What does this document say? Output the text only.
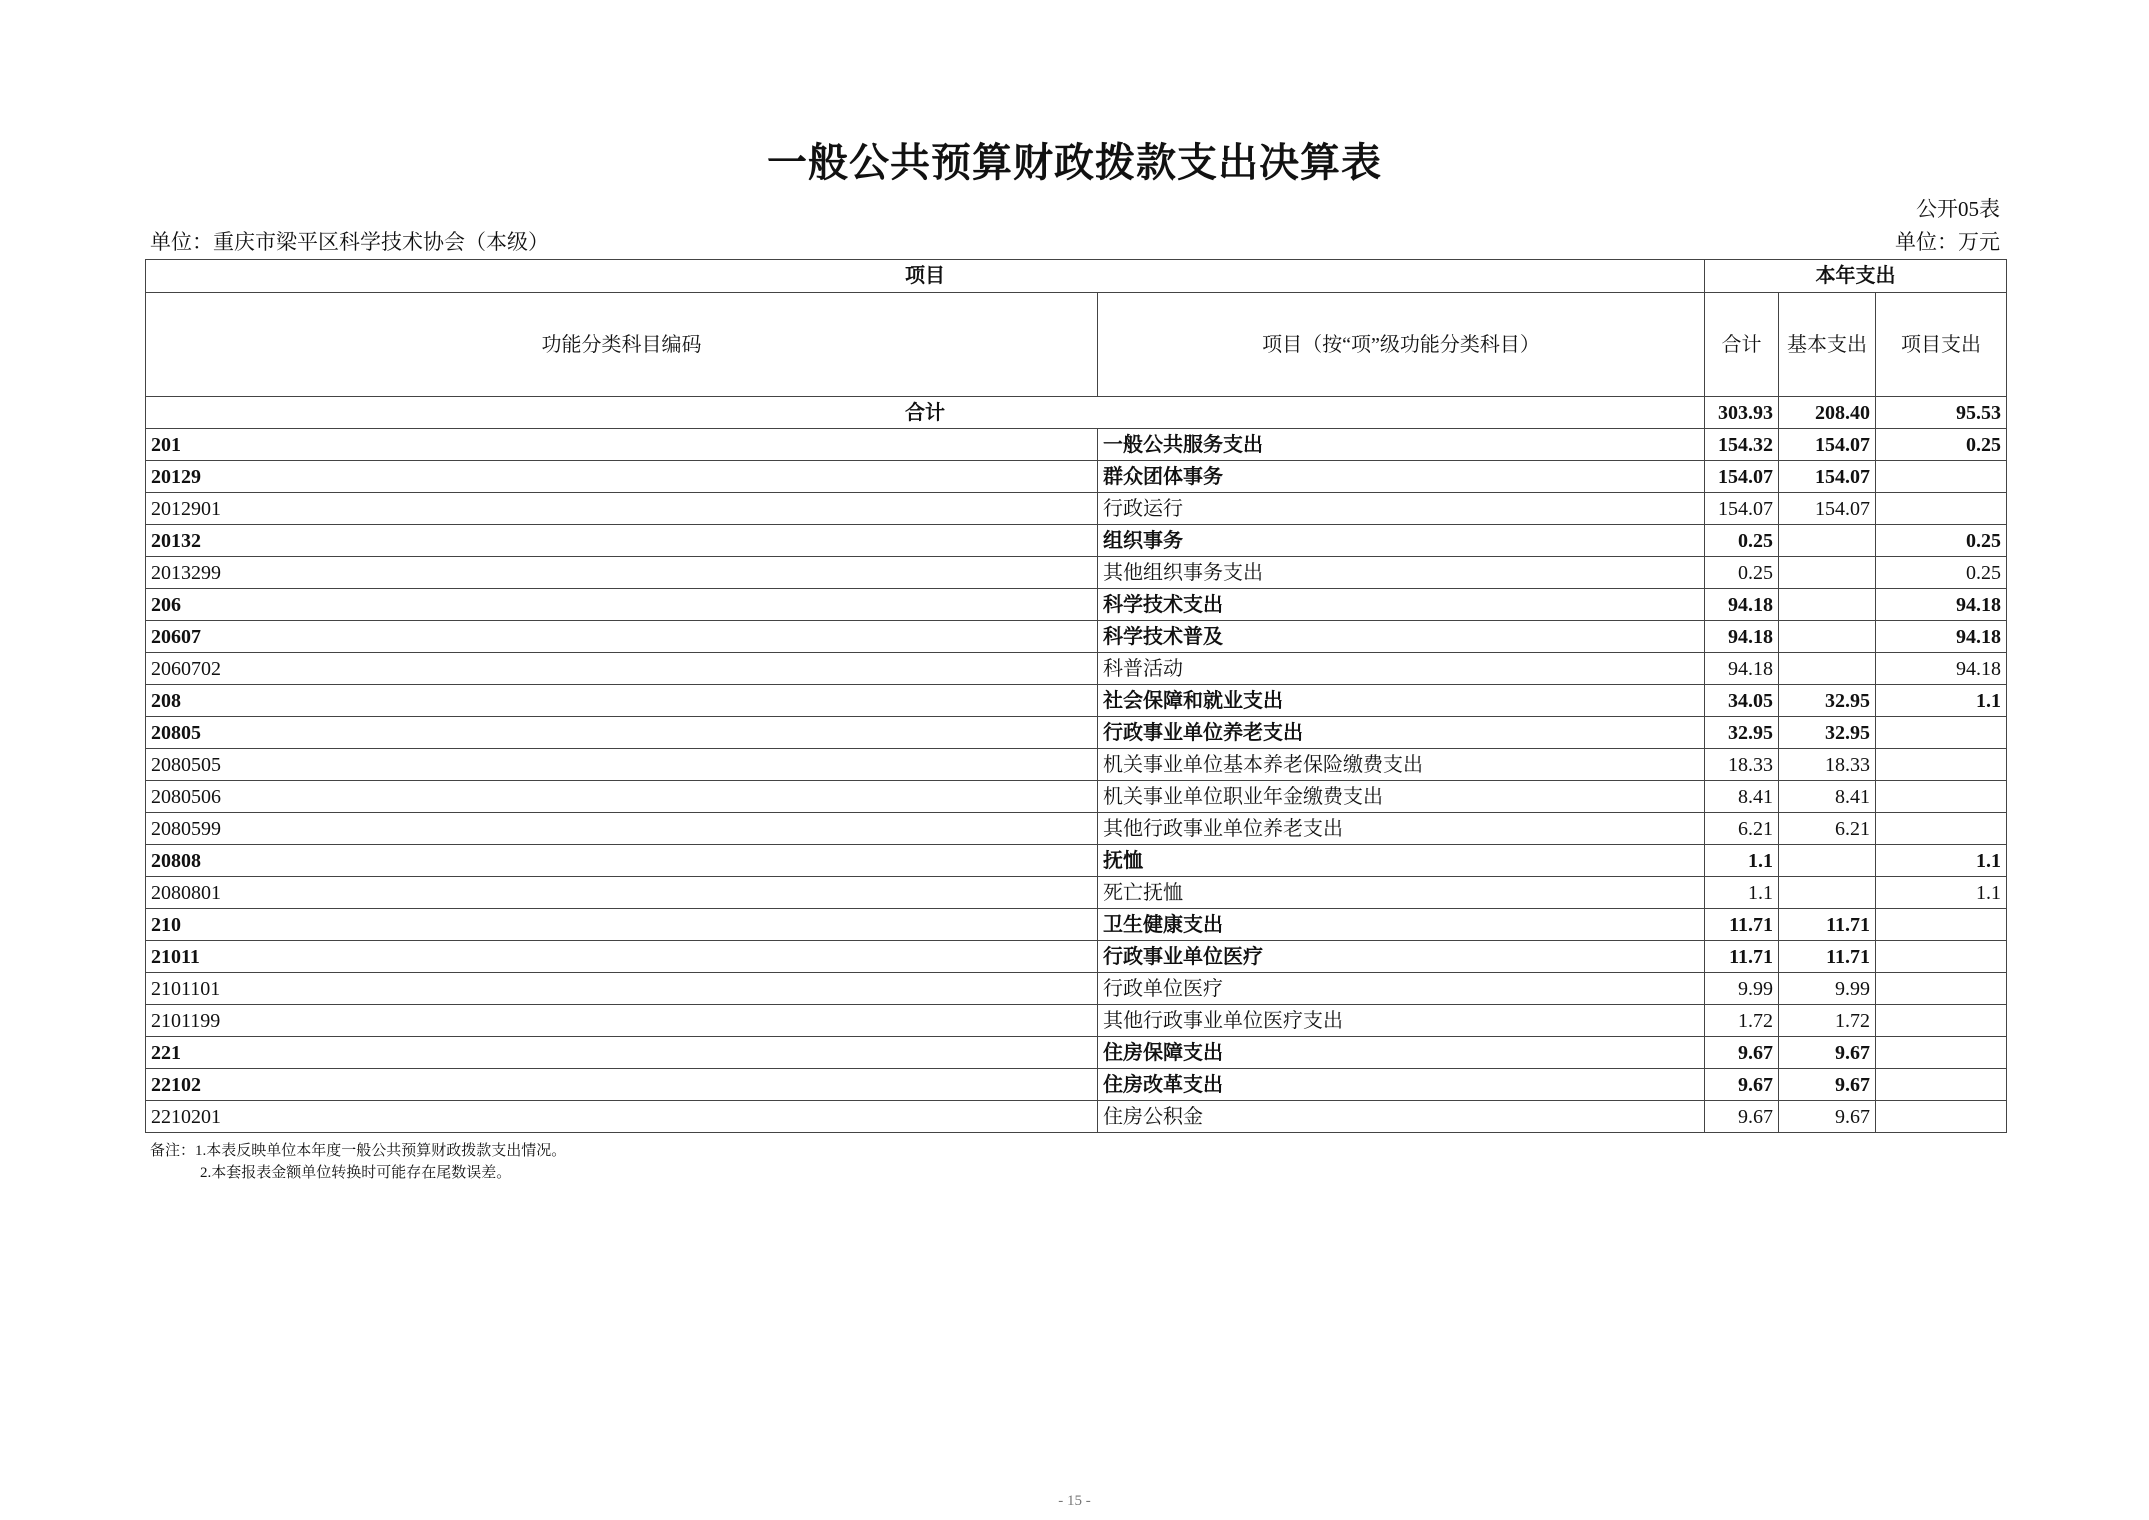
一般公共预算财政拨款支出决算表
公开05表
单位：重庆市梁平区科学技术协会（本级）	单位：万元
项目		本年支出		
功能分类科目编码	项目（按“项”级功能分类科目）	合计	基本支出	项目支出
合计		303.93	208.40	95.53
201	一般公共服务支出	154.32	154.07	0.25
20129	群众团体事务	154.07	154.07	
2012901	行政运行	154.07	154.07	
20132	组织事务	0.25		0.25
2013299	其他组织事务支出	0.25		0.25
206	科学技术支出	94.18		94.18
20607	科学技术普及	94.18		94.18
2060702	科普活动	94.18		94.18
208	社会保障和就业支出	34.05	32.95	1.1
20805	行政事业单位养老支出	32.95	32.95	
2080505	机关事业单位基本养老保险缴费支出	18.33	18.33	
2080506	机关事业单位职业年金缴费支出	8.41	8.41	
2080599	其他行政事业单位养老支出	6.21	6.21	
20808	抚恤	1.1		1.1
2080801	死亡抚恤	1.1		1.1
210	卫生健康支出	11.71	11.71	
21011	行政事业单位医疗	11.71	11.71	
2101101	行政单位医疗	9.99	9.99	
2101199	其他行政事业单位医疗支出	1.72	1.72	
221	住房保障支出	9.67	9.67	
22102	住房改革支出	9.67	9.67	
2210201	住房公积金	9.67	9.67	
备注：1.本表反映单位本年度一般公共预算财政拨款支出情况。
2.本套报表金额单位转换时可能存在尾数误差。
- 15 -
